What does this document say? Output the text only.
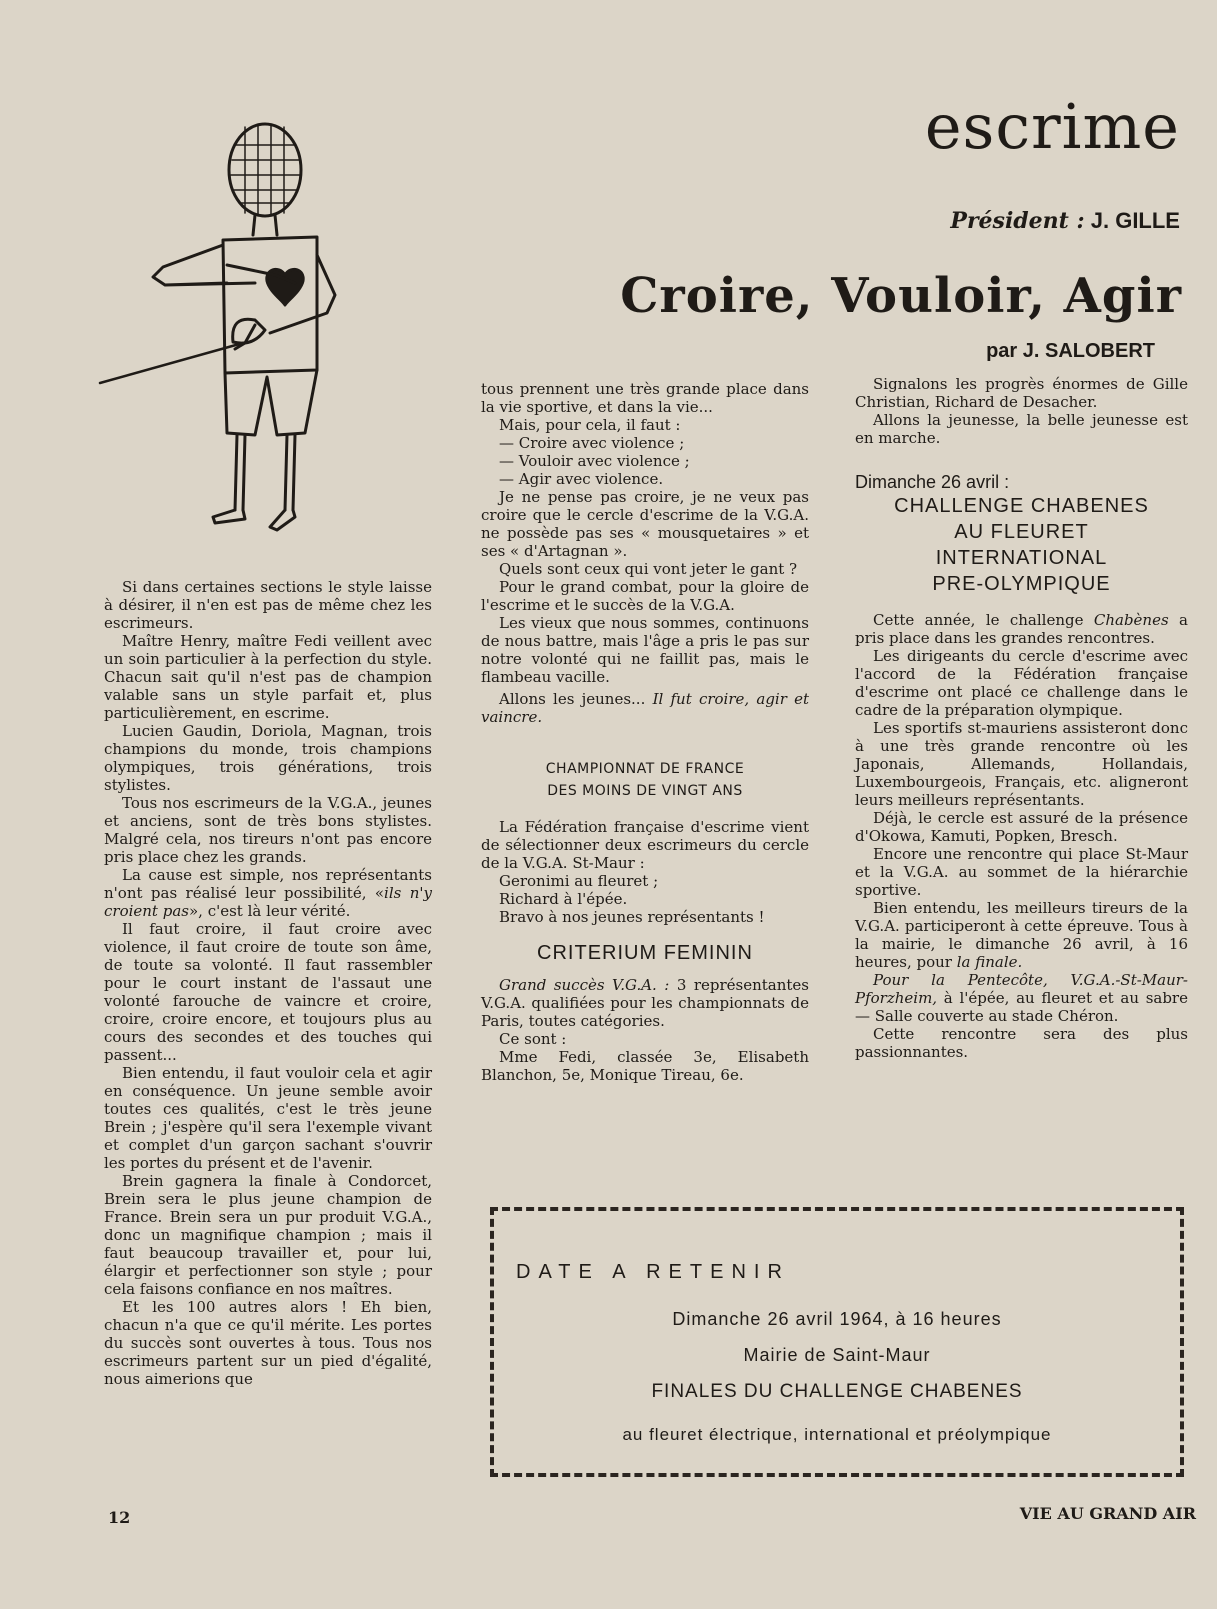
escrime
Président : J. GILLE
Croire, Vouloir, Agir
par J. SALOBERT

Si dans certaines sections le style laisse à désirer, il n'en est pas de même chez les escrimeurs.

Maître Henry, maître Fedi veillent avec un soin particulier à la perfection du style. Chacun sait qu'il n'est pas de champion valable sans un style parfait et, plus particulièrement, en escrime.

Lucien Gaudin, Doriola, Magnan, trois champions du monde, trois champions olympiques, trois générations, trois stylistes.

Tous nos escrimeurs de la V.G.A., jeunes et anciens, sont de très bons stylistes. Malgré cela, nos tireurs n'ont pas encore pris place chez les grands.

La cause est simple, nos représentants n'ont pas réalisé leur possibilité, «ils n'y croient pas», c'est là leur vérité.

Il faut croire, il faut croire avec violence, il faut croire de toute son âme, de toute sa volonté. Il faut rassembler pour le court instant de l'assaut une volonté farouche de vaincre et croire, croire, croire encore, et toujours plus au cours des secondes et des touches qui passent...

Bien entendu, il faut vouloir cela et agir en conséquence. Un jeune semble avoir toutes ces qualités, c'est le très jeune Brein ; j'espère qu'il sera l'exemple vivant et complet d'un garçon sachant s'ouvrir les portes du présent et de l'avenir.

Brein gagnera la finale à Condorcet, Brein sera le plus jeune champion de France. Brein sera un pur produit V.G.A., donc un magnifique champion ; mais il faut beaucoup travailler et, pour lui, élargir et perfectionner son style ; pour cela faisons confiance en nos maîtres.

Et les 100 autres alors ! Eh bien, chacun n'a que ce qu'il mérite. Les portes du succès sont ouvertes à tous. Tous nos escrimeurs partent sur un pied d'égalité, nous aimerions que

tous prennent une très grande place dans la vie sportive, et dans la vie...

Mais, pour cela, il faut :

— Croire avec violence ;

— Vouloir avec violence ;

— Agir avec violence.

Je ne pense pas croire, je ne veux pas croire que le cercle d'escrime de la V.G.A. ne possède pas ses « mousquetaires » et ses « d'Artagnan ».

Quels sont ceux qui vont jeter le gant ?

Pour le grand combat, pour la gloire de l'escrime et le succès de la V.G.A.

Les vieux que nous sommes, continuons de nous battre, mais l'âge a pris le pas sur notre volonté qui ne faillit pas, mais le flambeau vacille.

Allons les jeunes... Il fut croire, agir et vaincre.

CHAMPIONNAT DE FRANCE
DES MOINS DE VINGT ANS

La Fédération française d'escrime vient de sélectionner deux escrimeurs du cercle de la V.G.A. St-Maur :

Geronimi au fleuret ;

Richard à l'épée.

Bravo à nos jeunes représentants !

CRITERIUM FEMININ

Grand succès V.G.A. : 3 représentantes V.G.A. qualifiées pour les championnats de Paris, toutes catégories.

Ce sont :

Mme Fedi, classée 3e, Elisabeth Blanchon, 5e, Monique Tireau, 6e.

Signalons les progrès énormes de Gille Christian, Richard de Desacher.

Allons la jeunesse, la belle jeunesse est en marche.

Dimanche 26 avril :
CHALLENGE CHABENES
AU FLEURET
INTERNATIONAL
PRE-OLYMPIQUE

Cette année, le challenge Chabènes a pris place dans les grandes rencontres.

Les dirigeants du cercle d'escrime avec l'accord de la Fédération française d'escrime ont placé ce challenge dans le cadre de la préparation olympique.

Les sportifs st-mauriens assisteront donc à une très grande rencontre où les Japonais, Allemands, Hollandais, Luxembourgeois, Français, etc. aligneront leurs meilleurs représentants.

Déjà, le cercle est assuré de la présence d'Okowa, Kamuti, Popken, Bresch.

Encore une rencontre qui place St-Maur et la V.G.A. au sommet de la hiérarchie sportive.

Bien entendu, les meilleurs tireurs de la V.G.A. participeront à cette épreuve. Tous à la mairie, le dimanche 26 avril, à 16 heures, pour la finale.

Pour la Pentecôte, V.G.A.-St-Maur-Pforzheim, à l'épée, au fleuret et au sabre — Salle couverte au stade Chéron.

Cette rencontre sera des plus passionnantes.

DATE A RETENIR
Dimanche 26 avril 1964, à 16 heures
Mairie de Saint-Maur
FINALES DU CHALLENGE CHABENES
au fleuret électrique, international et préolympique
12	VIE AU GRAND AIR
